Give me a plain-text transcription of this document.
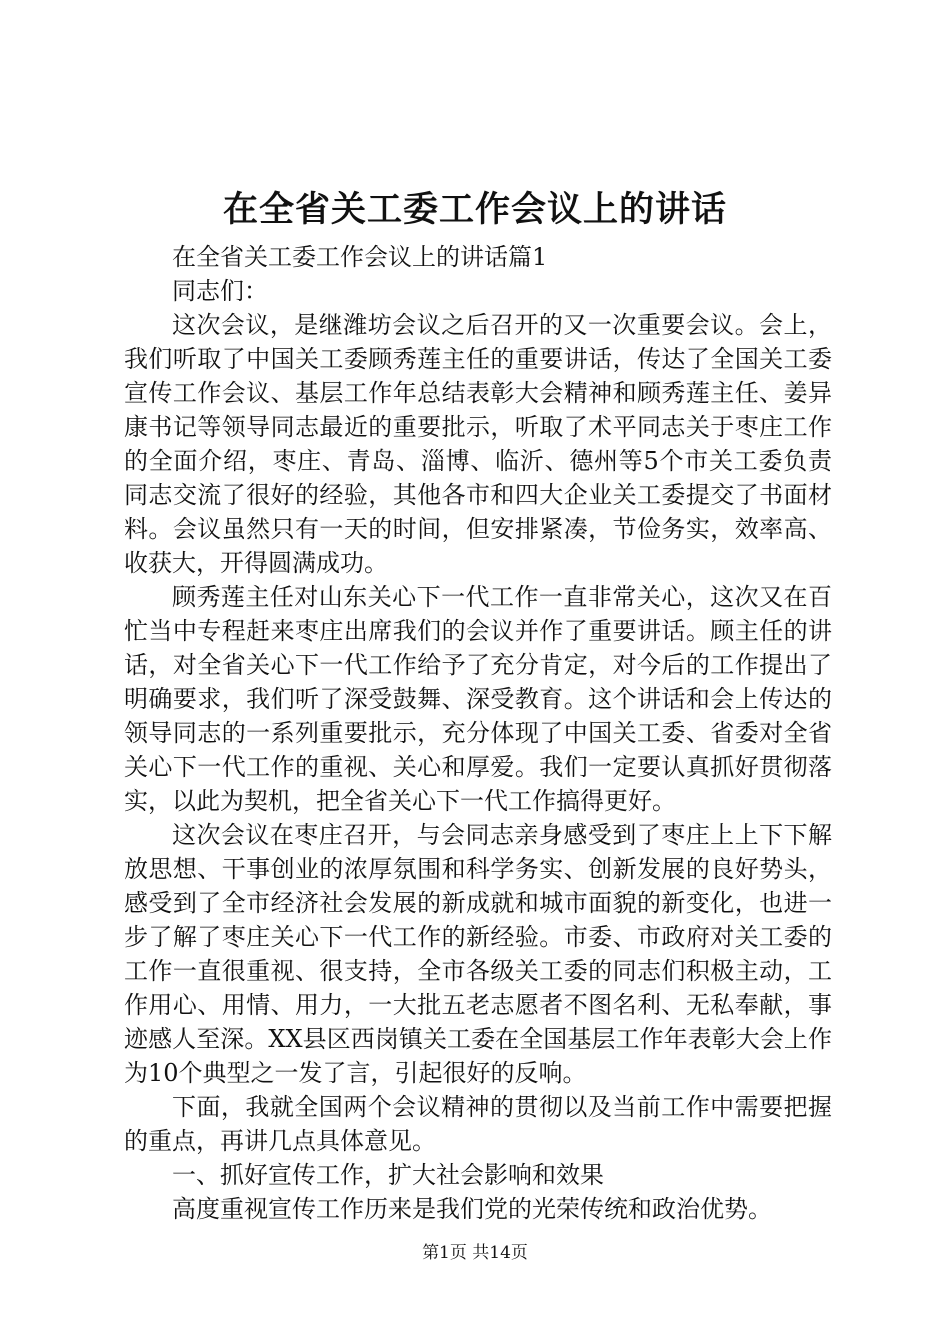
在全省关工委工作会议上的讲话

在全省关工委工作会议上的讲话篇1

同志们：

这次会议，是继潍坊会议之后召开的又一次重要会议。会上，我们听取了中国关工委顾秀莲主任的重要讲话，传达了全国关工委宣传工作会议、基层工作年总结表彰大会精神和顾秀莲主任、姜异康书记等领导同志最近的重要批示，听取了术平同志关于枣庄工作的全面介绍，枣庄、青岛、淄博、临沂、德州等5个市关工委负责同志交流了很好的经验，其他各市和四大企业关工委提交了书面材料。会议虽然只有一天的时间，但安排紧凑，节俭务实，效率高、收获大，开得圆满成功。

顾秀莲主任对山东关心下一代工作一直非常关心，这次又在百忙当中专程赶来枣庄出席我们的会议并作了重要讲话。顾主任的讲话，对全省关心下一代工作给予了充分肯定，对今后的工作提出了明确要求，我们听了深受鼓舞、深受教育。这个讲话和会上传达的领导同志的一系列重要批示，充分体现了中国关工委、省委对全省关心下一代工作的重视、关心和厚爱。我们一定要认真抓好贯彻落实，以此为契机，把全省关心下一代工作搞得更好。

这次会议在枣庄召开，与会同志亲身感受到了枣庄上上下下解放思想、干事创业的浓厚氛围和科学务实、创新发展的良好势头，感受到了全市经济社会发展的新成就和城市面貌的新变化，也进一步了解了枣庄关心下一代工作的新经验。市委、市政府对关工委的工作一直很重视、很支持，全市各级关工委的同志们积极主动，工作用心、用情、用力，一大批五老志愿者不图名利、无私奉献，事迹感人至深。XX县区西岗镇关工委在全国基层工作年表彰大会上作为10个典型之一发了言，引起很好的反响。

下面，我就全国两个会议精神的贯彻以及当前工作中需要把握的重点，再讲几点具体意见。

一、抓好宣传工作，扩大社会影响和效果

高度重视宣传工作历来是我们党的光荣传统和政治优势。

第1页 共14页
